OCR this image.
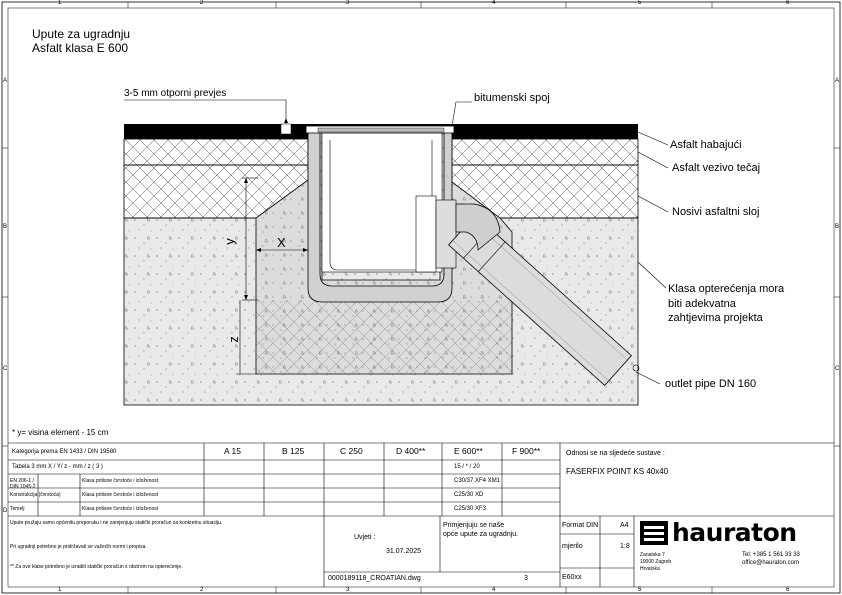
1	2	3	4	5	6
1	2	3	4	5	6
A
B
C
D
A
B
C
Upute za ugradnju
Asfalt klasa E 600
3-5 mm otporni prevjes	bitumenski spoj
Asfalt habajući
Asfalt vezivo tečaj
Nosivi asfaltni sloj
Klasa opterećenja mora
biti adekvatna
zahtjevima projekta
outlet pipe DN 160
X
y
z
* y= visina element - 15 cm
Kategorija prema EN 1433 / DIN 19580	A 15	B 125	C 250	D 400**	E 600**	F 900**
Tabela 3 mm X / Y/ z - mm / z ( 3 )	15 / * / 20
EN 206-1 / DIN 1045-2
Klasa pritisne čvrstoće i izloženost	C30/37 XF4 XM1
Konstrukcija (čvrstoća)	Klasa pritisne čvrstoće i izloženost	C25/30 XD
Temelj	Klasa pritisne čvrstoće i izloženost	C25/30 XF3
Odnosi se na sljedeće sustave :
FASERFIX POINT KS 40x40
Upute pružaju samo općenitu preporuku i ne zamjenjuju statički proračun za konkretnu situaciju.
Pri ugradnji potrebno je pridržavati se važećih normi i propisa.
** Za ove klase potrebno je izraditi statički proračun s obzirom na opterećenje.
Uvjeti :
31.07.2025
Primjenjuju se naše
opće upute za ugradnju.
0000189118_CROATIAN.dwg	3
Format DIN	A4
mjerilo	1:8
E60xx
hauraton
Zanatska 7
10000 Zagreb
Hrvatska
Tel: +385 1 561 33 33
office@hauraton.com
